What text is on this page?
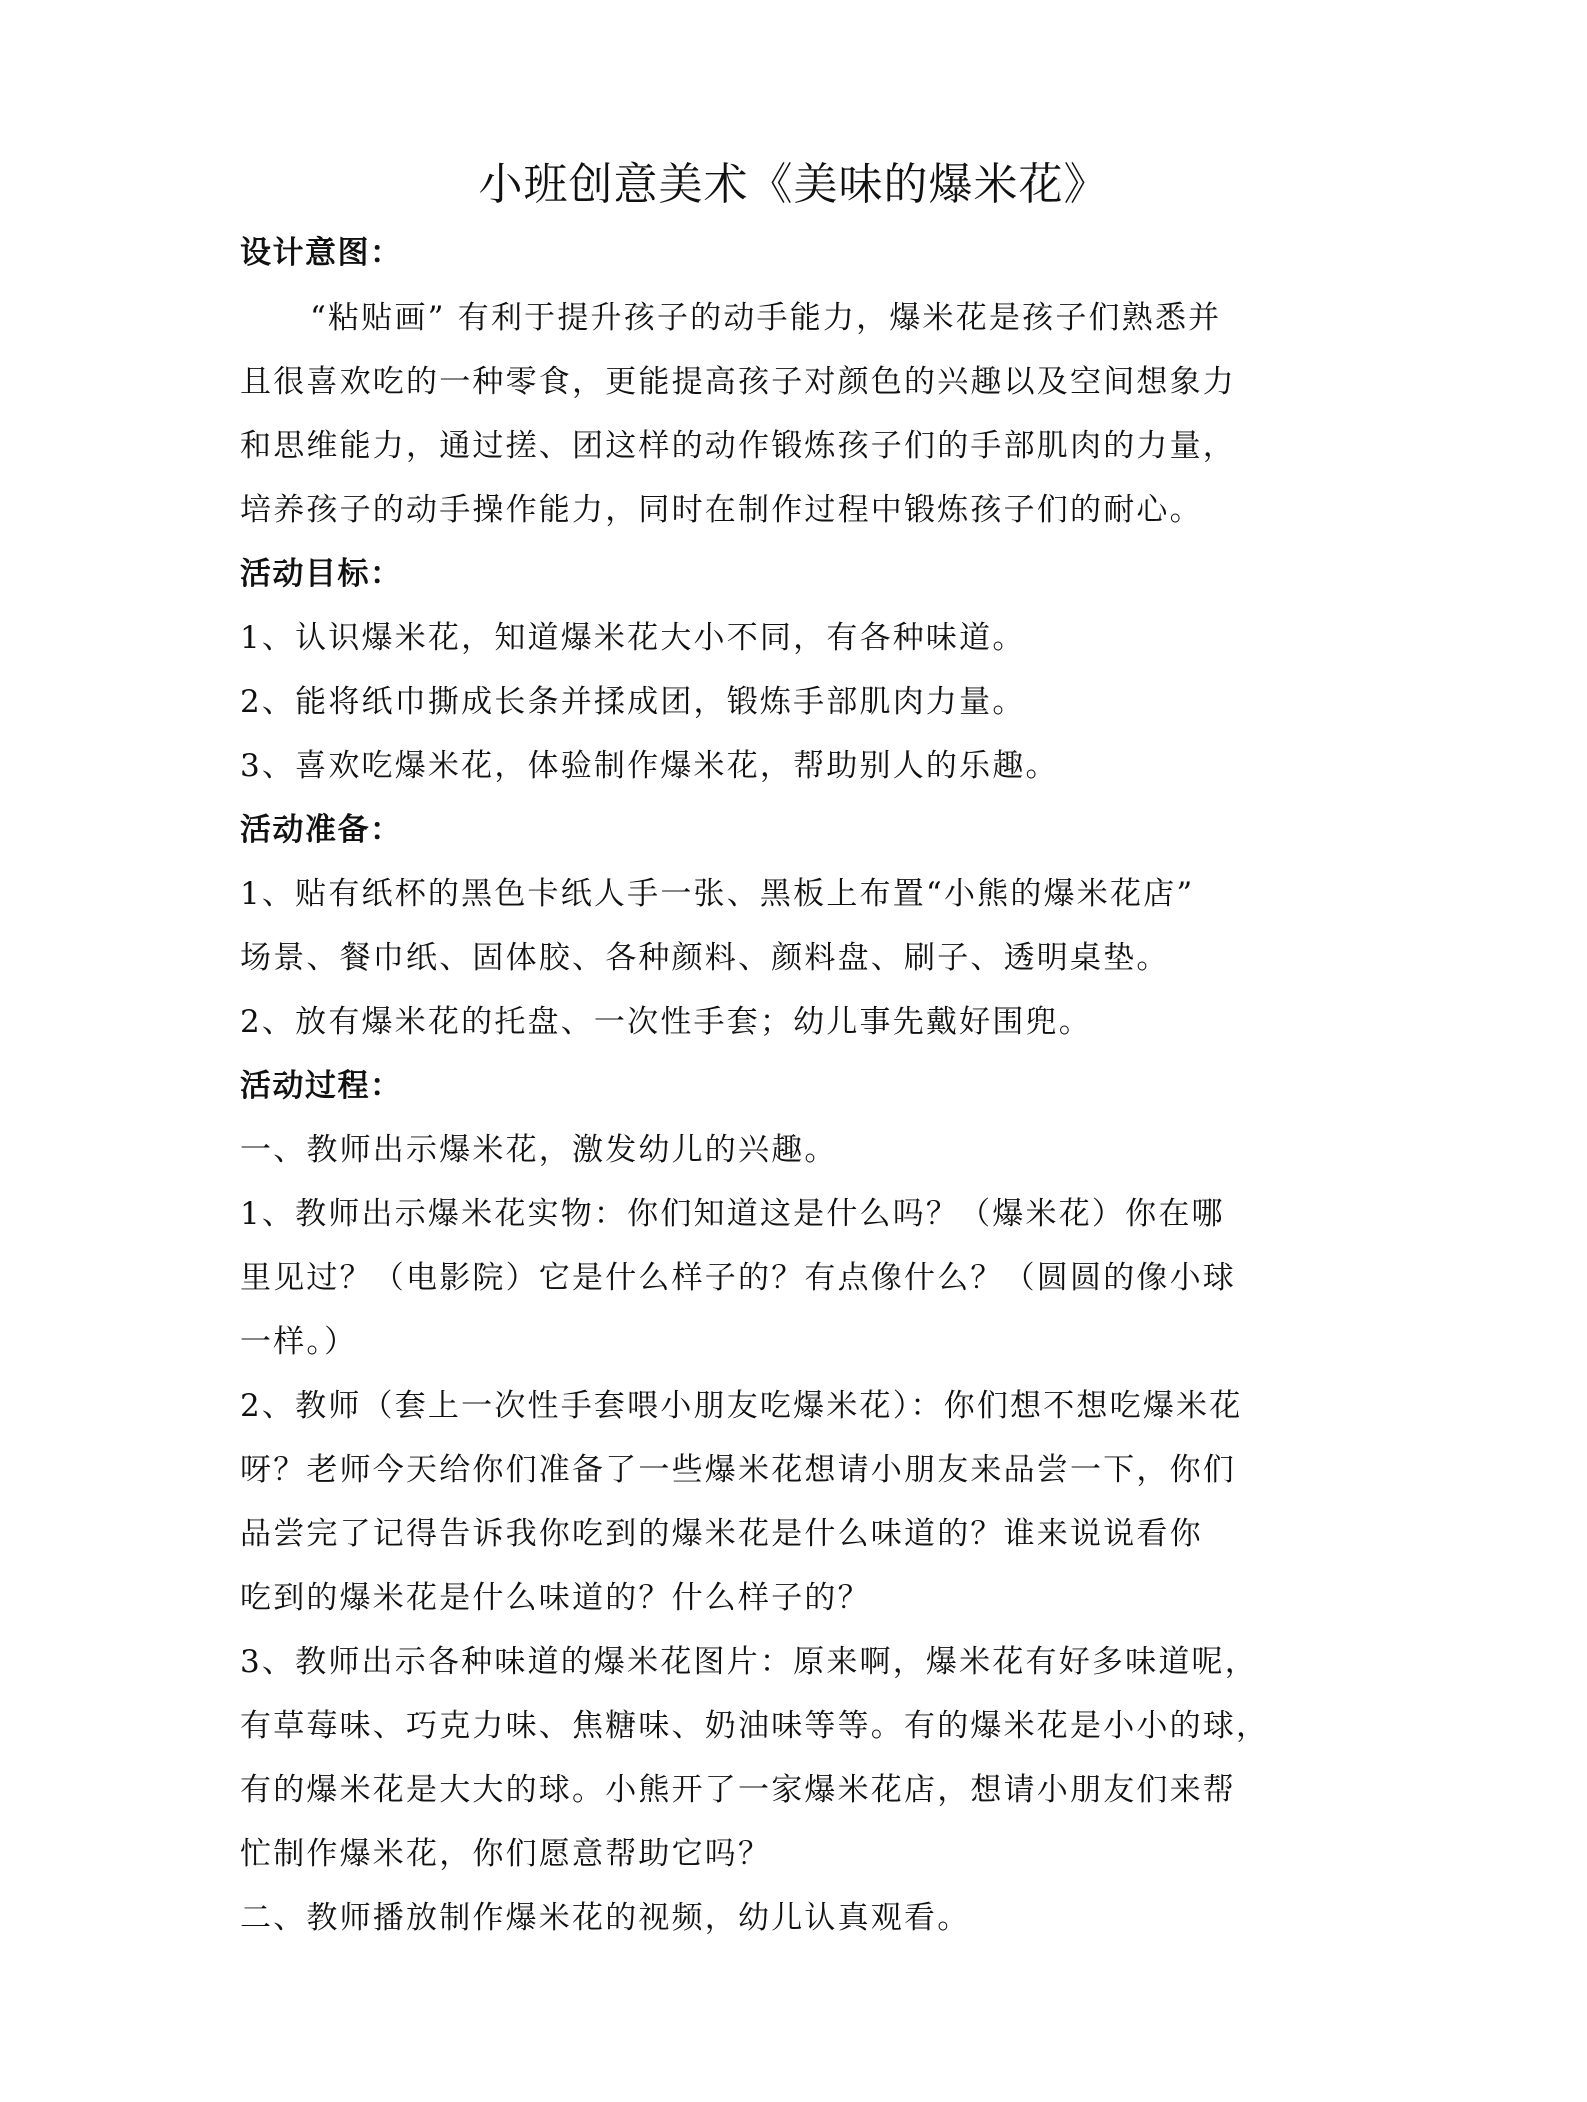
小班创意美术《美味的爆米花》
设计意图：
“粘贴画” 有利于提升孩子的动手能力，爆米花是孩子们熟悉并
且很喜欢吃的一种零食，更能提高孩子对颜色的兴趣以及空间想象力
和思维能力，通过搓、团这样的动作锻炼孩子们的手部肌肉的力量，
培养孩子的动手操作能力，同时在制作过程中锻炼孩子们的耐心。
活动目标：
1、认识爆米花，知道爆米花大小不同，有各种味道。
2、能将纸巾撕成长条并揉成团，锻炼手部肌肉力量。
3、喜欢吃爆米花，体验制作爆米花，帮助别人的乐趣。
活动准备：
1、贴有纸杯的黑色卡纸人手一张、黑板上布置“小熊的爆米花店”
场景、餐巾纸、固体胶、各种颜料、颜料盘、刷子、透明桌垫。
2、放有爆米花的托盘、一次性手套；幼儿事先戴好围兜。
活动过程：
一、教师出示爆米花，激发幼儿的兴趣。
1、教师出示爆米花实物：你们知道这是什么吗？（爆米花）你在哪
里见过？（电影院）它是什么样子的？有点像什么？（圆圆的像小球
一样。）
2、教师（套上一次性手套喂小朋友吃爆米花）：你们想不想吃爆米花
呀？老师今天给你们准备了一些爆米花想请小朋友来品尝一下，你们
品尝完了记得告诉我你吃到的爆米花是什么味道的？谁来说说看你
吃到的爆米花是什么味道的？什么样子的？
3、教师出示各种味道的爆米花图片：原来啊，爆米花有好多味道呢，
有草莓味、巧克力味、焦糖味、奶油味等等。有的爆米花是小小的球，
有的爆米花是大大的球。小熊开了一家爆米花店，想请小朋友们来帮
忙制作爆米花，你们愿意帮助它吗？
二、教师播放制作爆米花的视频，幼儿认真观看。
